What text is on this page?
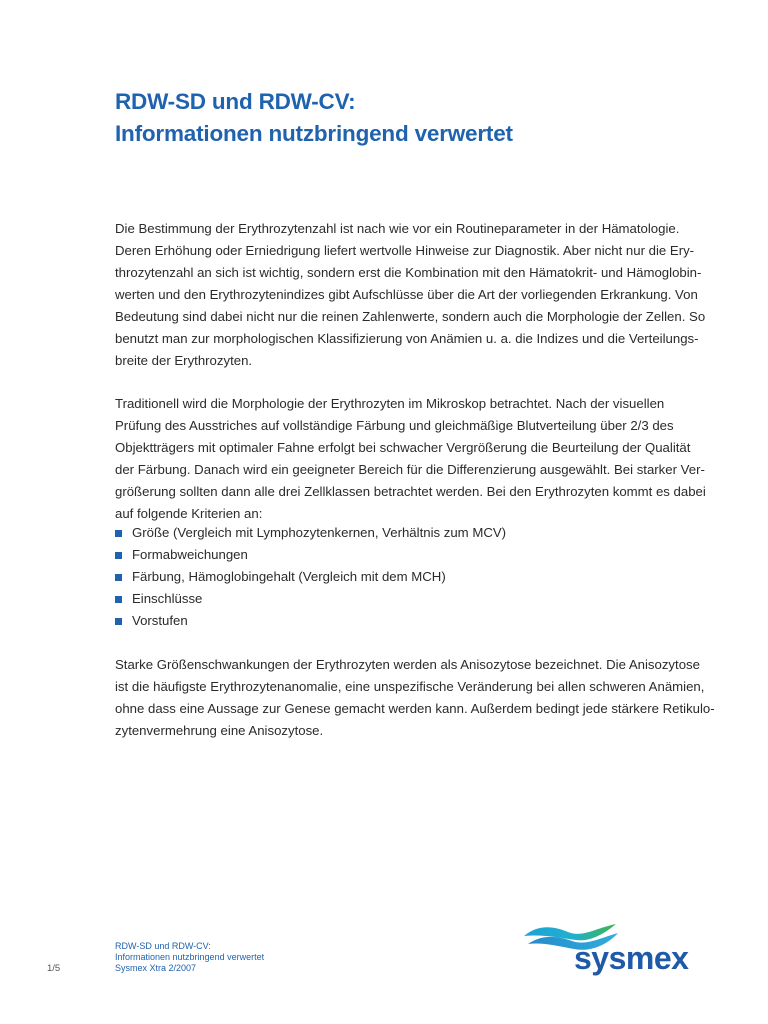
RDW-SD und RDW-CV:
Informationen nutzbringend verwertet
Die Bestimmung der Erythrozytenzahl ist nach wie vor ein Routineparameter in der Hämatologie.
Deren Erhöhung oder Erniedrigung liefert wertvolle Hinweise zur Diagnostik. Aber nicht nur die Ery-
throzytenzahl an sich ist wichtig, sondern erst die Kombination mit den Hämatokrit- und Hämoglobin-
werten und den Erythrozytenindizes gibt Aufschlüsse über die Art der vorliegenden Erkrankung. Von
Bedeutung sind dabei nicht nur die reinen Zahlenwerte, sondern auch die Morphologie der Zellen. So
benutzt man zur morphologischen Klassifizierung von Anämien u. a. die Indizes und die Verteilungs-
breite der Erythrozyten.
Traditionell wird die Morphologie der Erythrozyten im Mikroskop betrachtet. Nach der visuellen
Prüfung des Ausstriches auf vollständige Färbung und gleichmäßige Blutverteilung über 2/3 des
Objektträgers mit optimaler Fahne erfolgt bei schwacher Vergrößerung die Beurteilung der Qualität
der Färbung. Danach wird ein geeigneter Bereich für die Differenzierung ausgewählt. Bei starker Ver-
größerung sollten dann alle drei Zellklassen betrachtet werden. Bei den Erythrozyten kommt es dabei
auf folgende Kriterien an:
Größe (Vergleich mit Lymphozytenkernen, Verhältnis zum MCV)
Formabweichungen
Färbung, Hämoglobingehalt (Vergleich mit dem MCH)
Einschlüsse
Vorstufen
Starke Größenschwankungen der Erythrozyten werden als Anisozytose bezeichnet. Die Anisozytose
ist die häufigste Erythrozytenanomalie, eine unspezifische Veränderung bei allen schweren Anämien,
ohne dass eine Aussage zur Genese gemacht werden kann. Außerdem bedingt jede stärkere Retikulo-
zytenvermehrung eine Anisozytose.
1/5
RDW-SD und RDW-CV:
Informationen nutzbringend verwertet
Sysmex Xtra 2/2007	sysmex
